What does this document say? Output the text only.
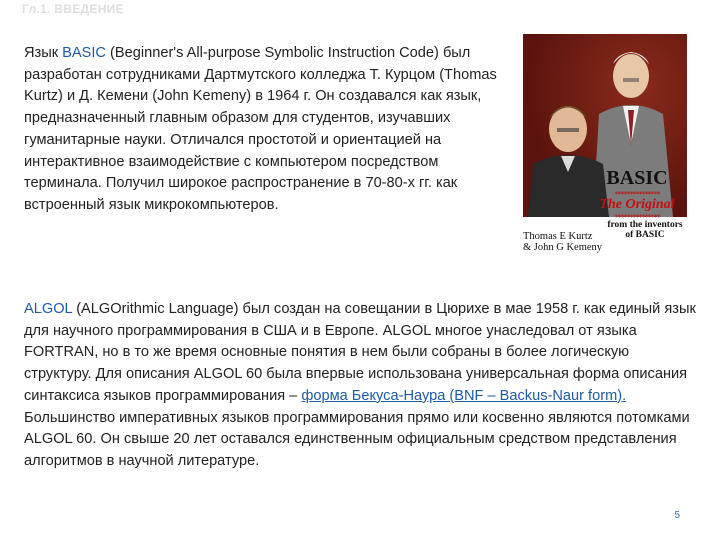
Гл.1. ВВЕДЕНИЕ

Язык BASIC (Beginner's All-purpose Symbolic Instruction Code) был разработан сотрудниками Дартмутского колледжа Т. Курцом (Thomas Kurtz) и Д. Кемени (John Kemeny) в 1964 г. Он создавался как язык, предназначенный главным образом для студентов, изучавших гуманитарные науки. Отличался простотой и ориентацией на интерактивное взаимодействие с компьютером посредством терминала. Получил широкое распространение в 70-80-х гг. как встроенный язык микрокомпьютеров.

BASIC
***************
The Original
***************
Thomas E Kurtz
& John G Kemeny
from the inventors
of BASIC

ALGOL (ALGOrithmic Language) был создан на совещании в Цюрихе в мае 1958 г. как единый язык для научного программирования в США и в Европе. ALGOL многое унаследовал от языка FORTRAN, но в то же время основные понятия в нем были собраны в более логическую структуру. Для описания ALGOL 60 была впервые использована универсальная форма описания синтаксиса языков программирования – форма Бекуса-Наура (BNF – Backus-Naur form). Большинство императивных языков программирования прямо или косвенно являются потомками ALGOL 60. Он свыше 20 лет оставался единственным официальным средством представления алгоритмов в научной литературе.

5
